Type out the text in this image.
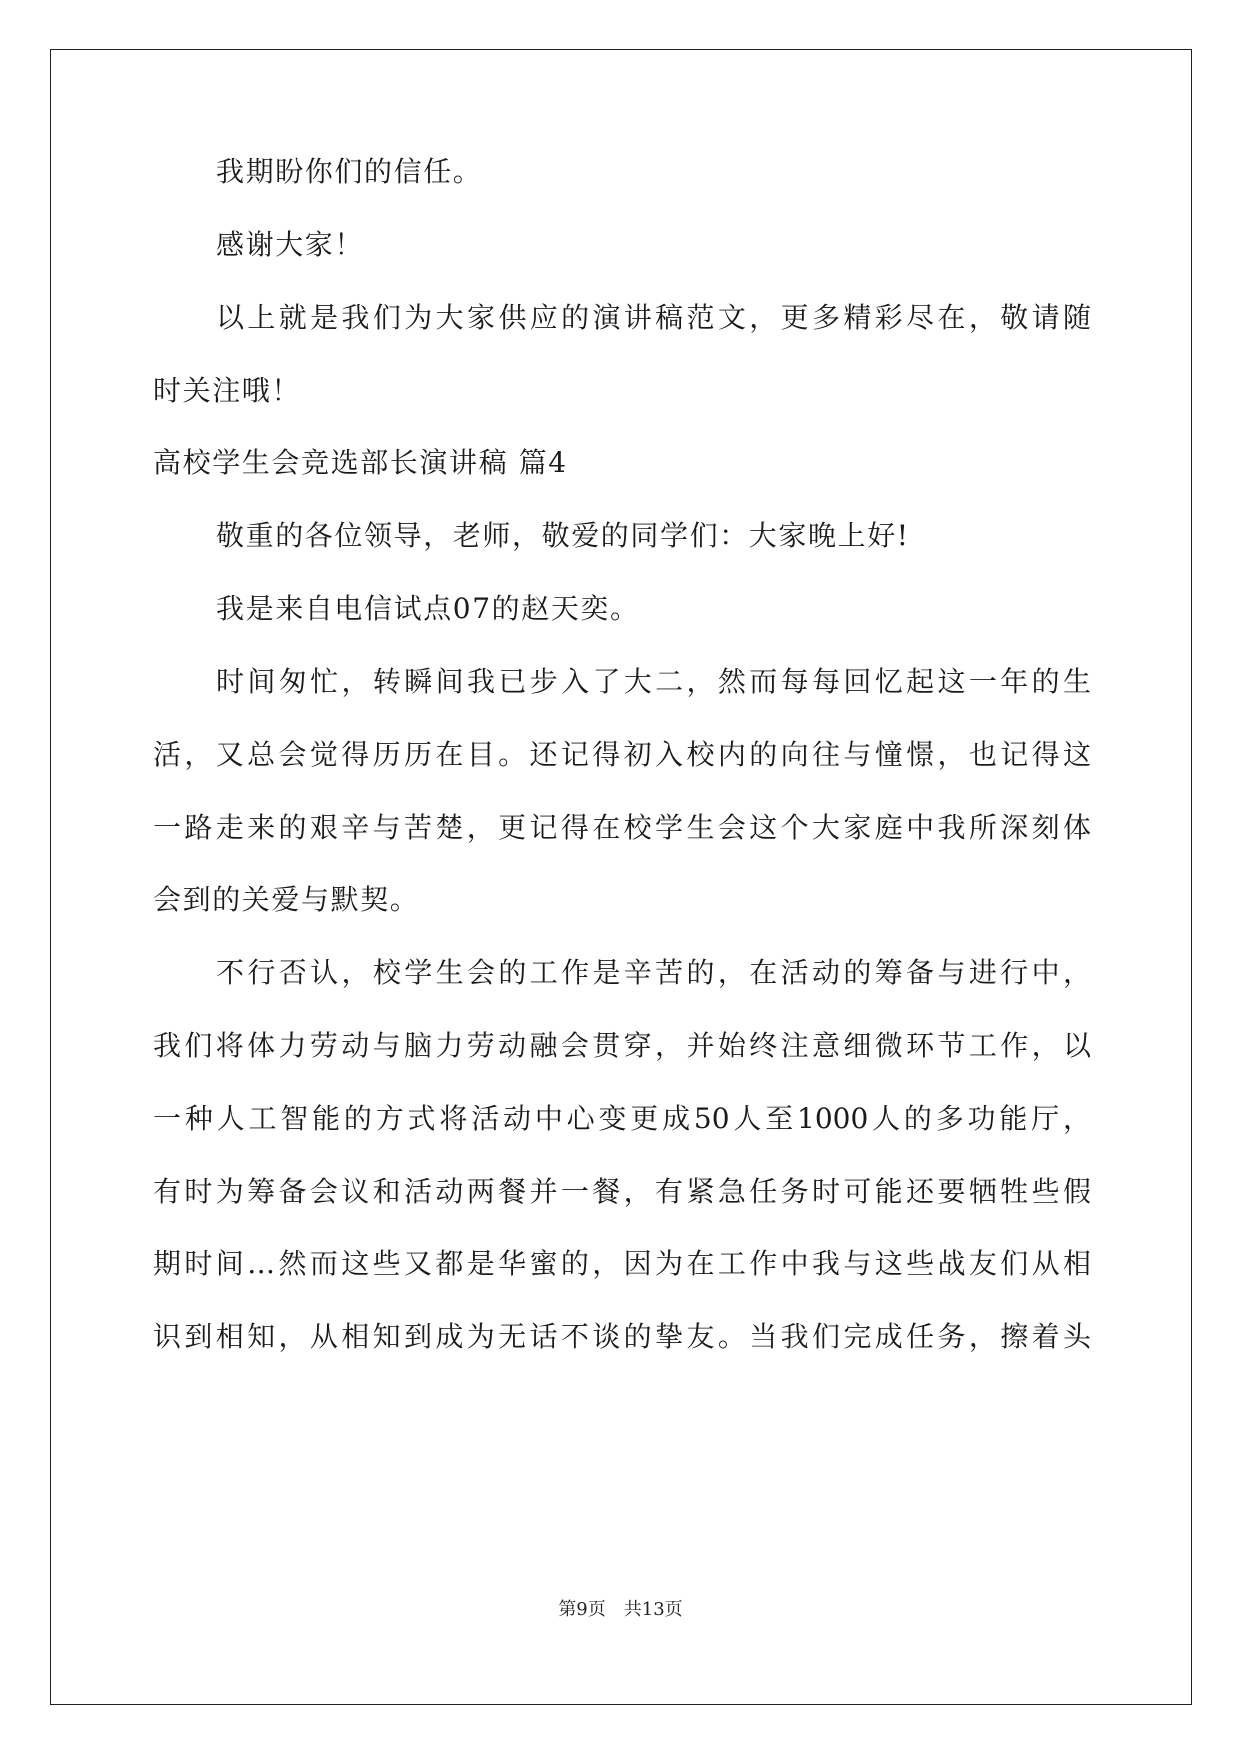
我期盼你们的信任。
感谢大家！
以上就是我们为大家供应的演讲稿范文，更多精彩尽在，敬请随
时关注哦！
高校学生会竞选部长演讲稿 篇4
敬重的各位领导，老师，敬爱的同学们：大家晚上好!
我是来自电信试点07的赵天奕。
时间匆忙，转瞬间我已步入了大二，然而每每回忆起这一年的生
活，又总会觉得历历在目。还记得初入校内的向往与憧憬，也记得这
一路走来的艰辛与苦楚，更记得在校学生会这个大家庭中我所深刻体
会到的关爱与默契。
不行否认，校学生会的工作是辛苦的，在活动的筹备与进行中，
我们将体力劳动与脑力劳动融会贯穿，并始终注意细微环节工作，以
一种人工智能的方式将活动中心变更成50人至1000人的多功能厅，
有时为筹备会议和活动两餐并一餐，有紧急任务时可能还要牺牲些假
期时间…然而这些又都是华蜜的，因为在工作中我与这些战友们从相
识到相知，从相知到成为无话不谈的挚友。当我们完成任务，擦着头
第9页　共13页
